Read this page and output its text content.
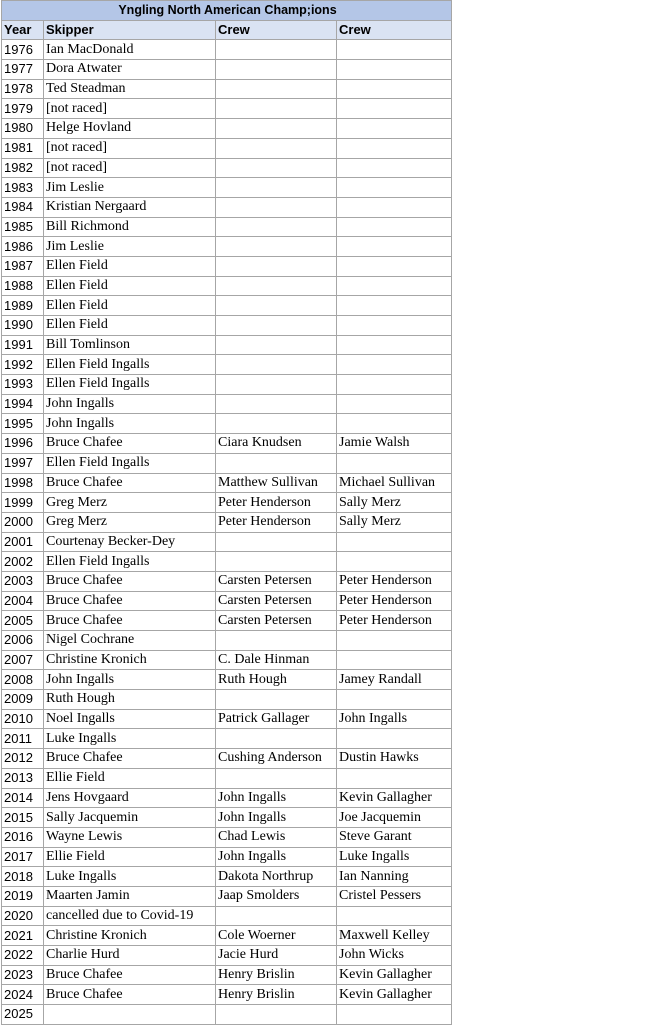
Yngling North American Champ;ions			
Year	Skipper	Crew	Crew
1976	Ian MacDonald		
1977	Dora Atwater		
1978	Ted Steadman		
1979	[not raced]		
1980	Helge Hovland		
1981	[not raced]		
1982	[not raced]		
1983	Jim Leslie		
1984	Kristian Nergaard		
1985	Bill Richmond		
1986	Jim Leslie		
1987	Ellen Field		
1988	Ellen Field		
1989	Ellen Field		
1990	Ellen Field		
1991	Bill Tomlinson		
1992	Ellen Field Ingalls		
1993	Ellen Field Ingalls		
1994	John Ingalls		
1995	John Ingalls		
1996	Bruce Chafee	Ciara Knudsen	Jamie Walsh
1997	Ellen Field Ingalls		
1998	Bruce Chafee	Matthew Sullivan	Michael Sullivan
1999	Greg Merz	Peter Henderson	Sally Merz
2000	Greg Merz	Peter Henderson	Sally Merz
2001	Courtenay Becker-Dey		
2002	Ellen Field Ingalls		
2003	Bruce Chafee	Carsten Petersen	Peter Henderson
2004	Bruce Chafee	Carsten Petersen	Peter Henderson
2005	Bruce Chafee	Carsten Petersen	Peter Henderson
2006	Nigel Cochrane		
2007	Christine Kronich	C. Dale Hinman	
2008	John Ingalls	Ruth Hough	Jamey Randall
2009	Ruth Hough		
2010	Noel Ingalls	Patrick Gallager	John Ingalls
2011	Luke Ingalls		
2012	Bruce Chafee	Cushing Anderson	Dustin Hawks
2013	Ellie Field		
2014	Jens Hovgaard	John Ingalls	Kevin Gallagher
2015	Sally Jacquemin	John Ingalls	Joe Jacquemin
2016	Wayne Lewis	Chad Lewis	Steve Garant
2017	Ellie Field	John Ingalls	Luke Ingalls
2018	Luke Ingalls	Dakota Northrup	Ian Nanning
2019	Maarten Jamin	Jaap Smolders	Cristel Pessers
2020	cancelled due to Covid-19		
2021	Christine Kronich	Cole Woerner	Maxwell Kelley
2022	Charlie Hurd	Jacie Hurd	John Wicks
2023	Bruce Chafee	Henry Brislin	Kevin Gallagher
2024	Bruce Chafee	Henry Brislin	Kevin Gallagher
2025			
